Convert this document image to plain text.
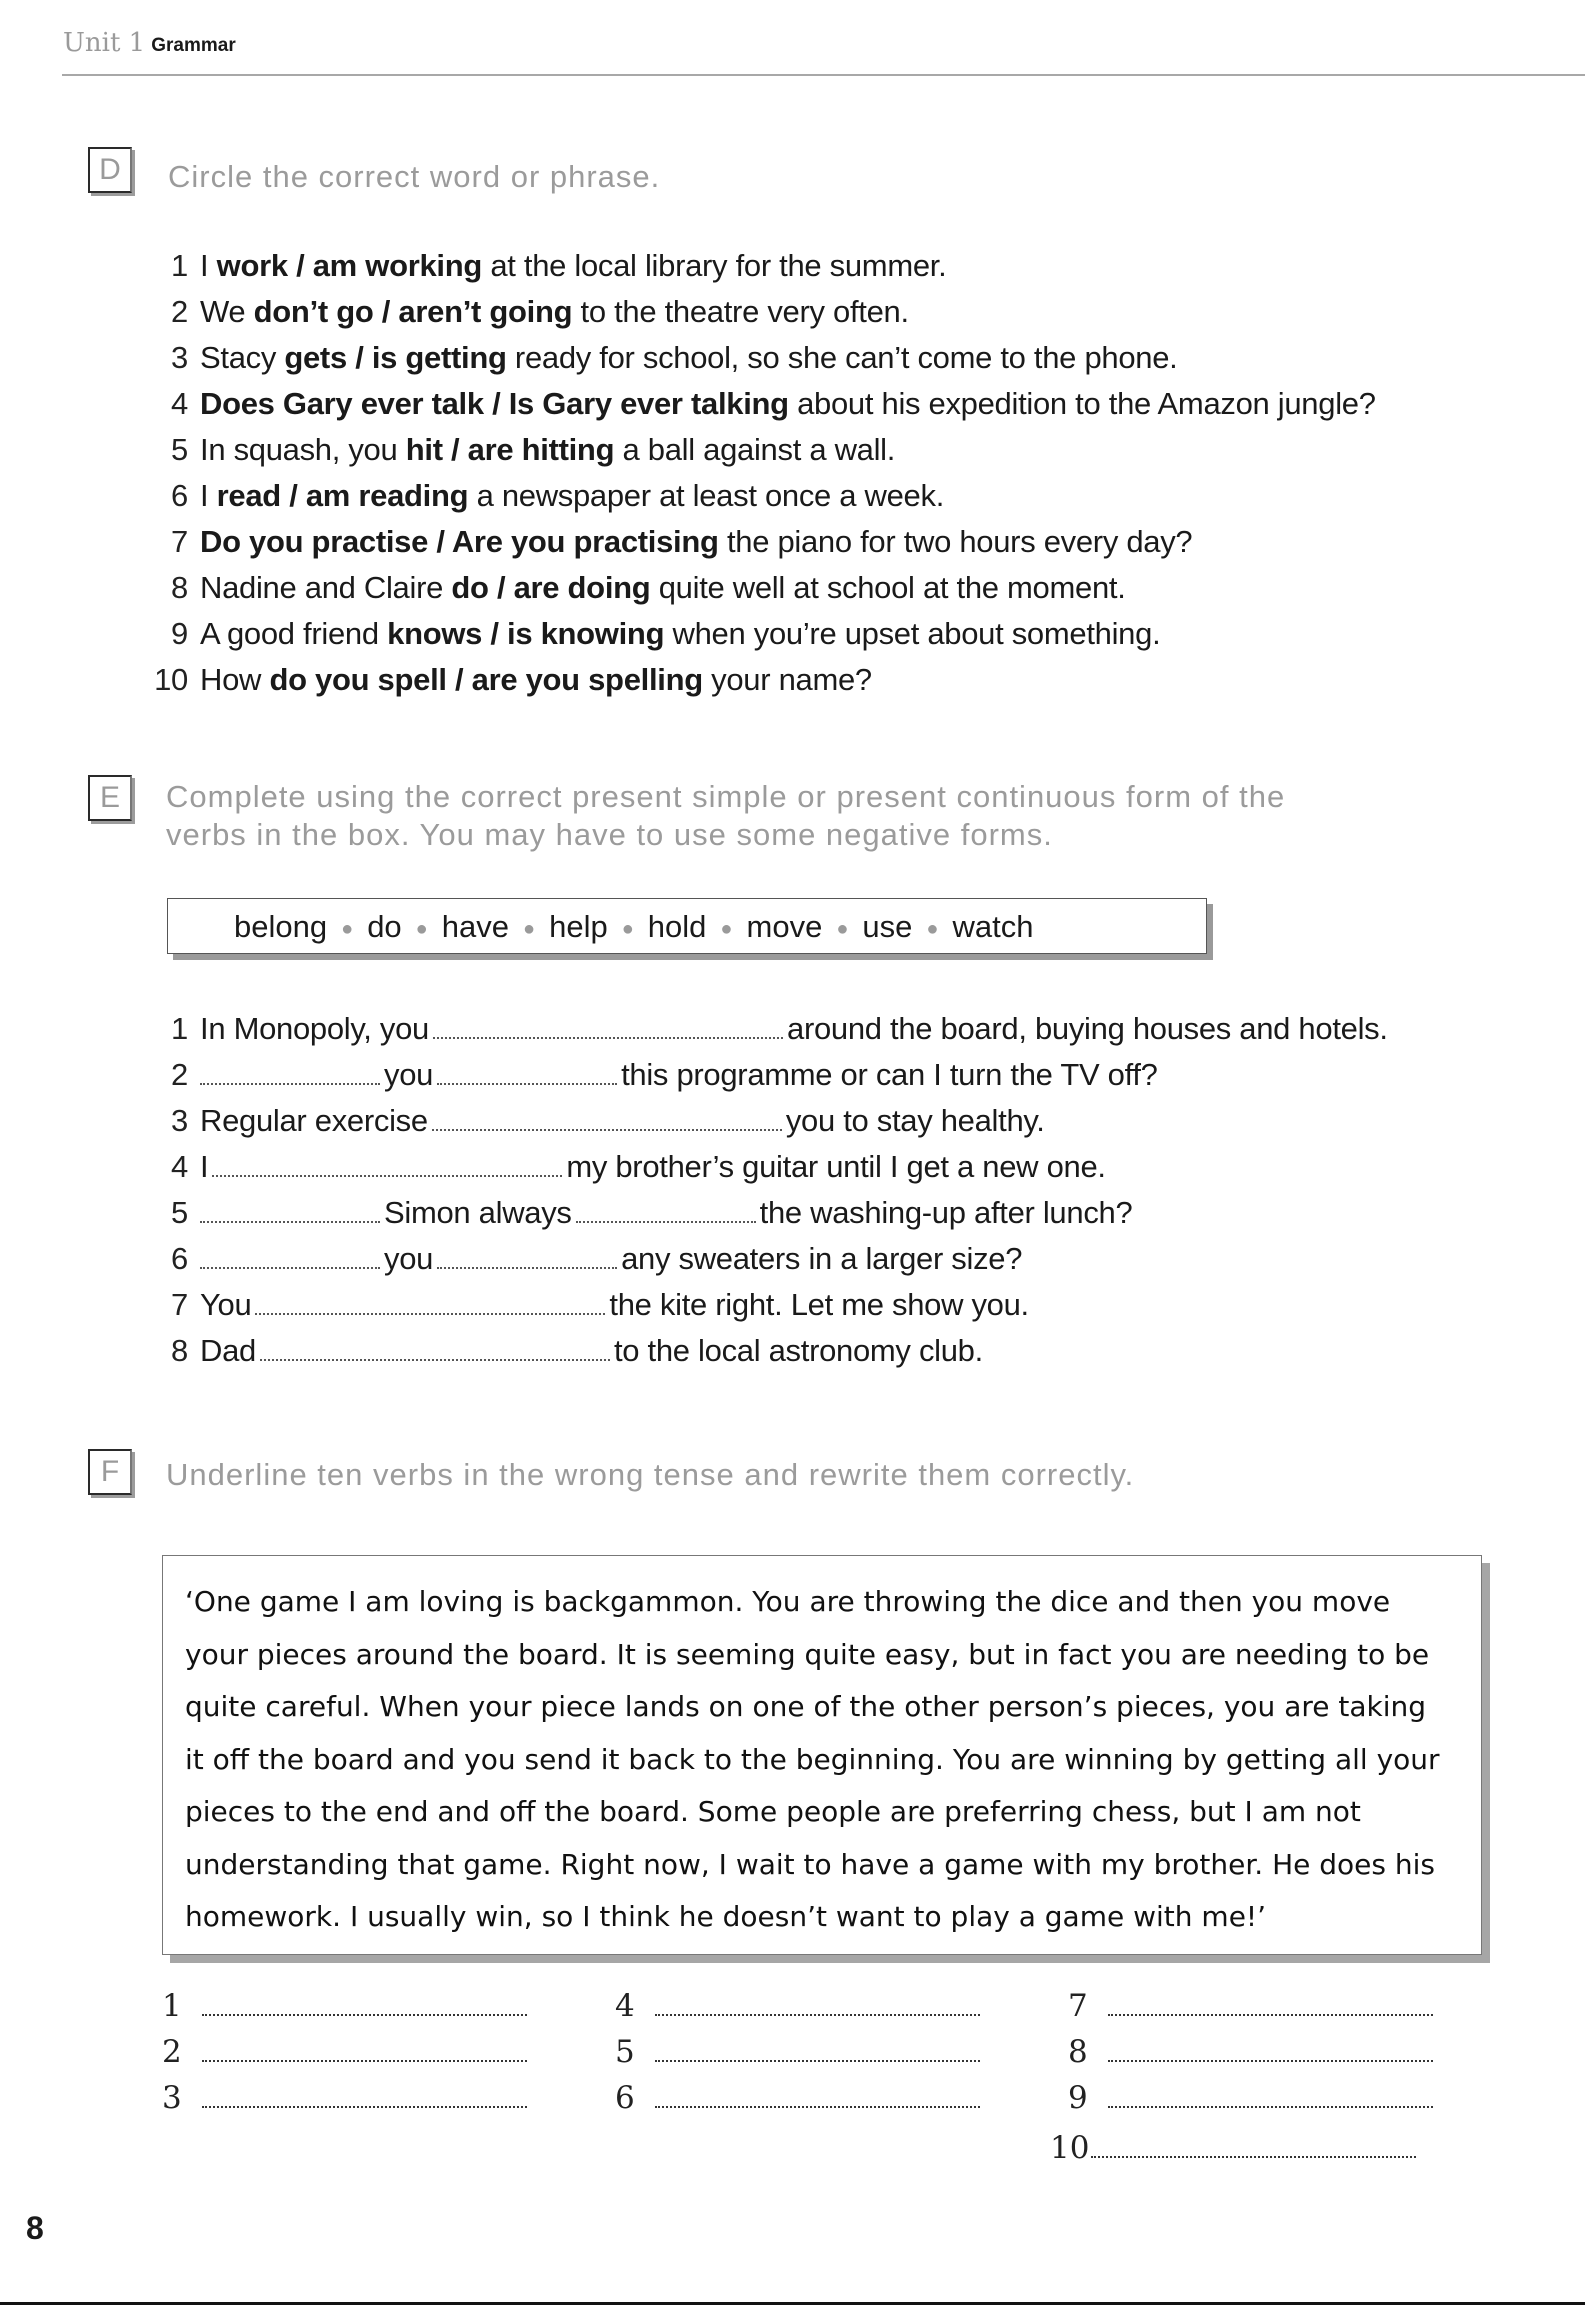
Unit 1 Grammar
D	Circle the correct word or phrase.
1 I work / am working at the local library for the summer.
2 We don’t go / aren’t going to the theatre very often.
3 Stacy gets / is getting ready for school, so she can’t come to the phone.
4 Does Gary ever talk / Is Gary ever talking about his expedition to the Amazon jungle?
5 In squash, you hit / are hitting a ball against a wall.
6 I read / am reading a newspaper at least once a week.
7 Do you practise / Are you practising the piano for two hours every day?
8 Nadine and Claire do / are doing quite well at school at the moment.
9 A good friend knows / is knowing when you’re upset about something.
10 How do you spell / are you spelling your name?
E	Complete using the correct present simple or present continuous form of the
verbs in the box. You may have to use some negative forms.
belong ● do ● have ● help ● hold ● move ● use ● watch
1 In Monopoly, you	around the board, buying houses and hotels.
2	you	this programme or can I turn the TV off?
3 Regular exercise	you to stay healthy.
4 I	my brother’s guitar until I get a new one.
5	Simon always	the washing-up after lunch?
6	you	any sweaters in a larger size?
7 You	the kite right. Let me show you.
8 Dad	to the local astronomy club.
F	Underline ten verbs in the wrong tense and rewrite them correctly.
‘One game I am loving is backgammon. You are throwing the dice and then you move
your pieces around the board. It is seeming quite easy, but in fact you are needing to be
quite careful. When your piece lands on one of the other person’s pieces, you are taking
it off the board and you send it back to the beginning. You are winning by getting all your
pieces to the end and off the board. Some people are preferring chess, but I am not
understanding that game. Right now, I wait to have a game with my brother. He does his
homework. I usually win, so I think he doesn’t want to play a game with me!’
1
2
3
4
5
6
7
8
9
10
8
